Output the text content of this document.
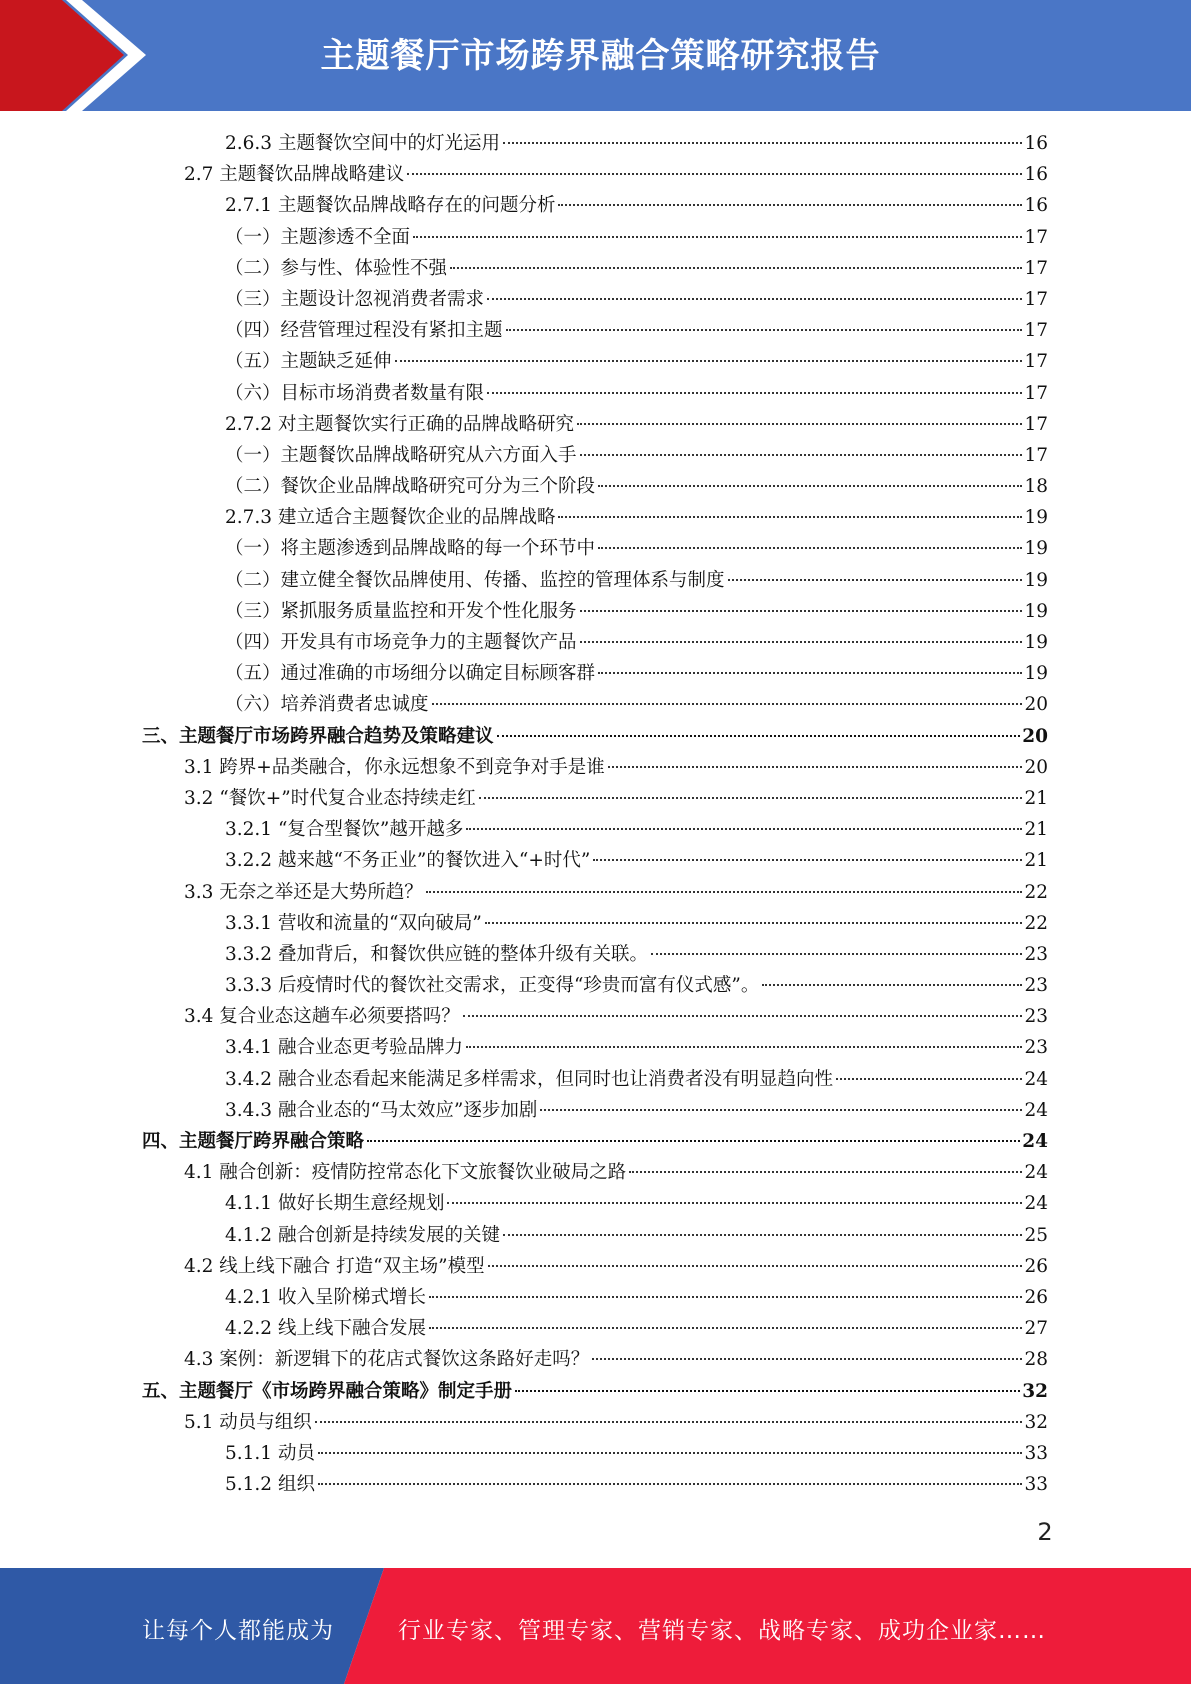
主题餐厅市场跨界融合策略研究报告
2.6.3 主题餐饮空间中的灯光运用	16
2.7 主题餐饮品牌战略建议	16
2.7.1 主题餐饮品牌战略存在的问题分析	16
（一）主题渗透不全面	17
（二）参与性、体验性不强	17
（三）主题设计忽视消费者需求	17
（四）经营管理过程没有紧扣主题	17
（五）主题缺乏延伸	17
（六）目标市场消费者数量有限	17
2.7.2 对主题餐饮实行正确的品牌战略研究	17
（一）主题餐饮品牌战略研究从六方面入手	17
（二）餐饮企业品牌战略研究可分为三个阶段	18
2.7.3 建立适合主题餐饮企业的品牌战略	19
（一）将主题渗透到品牌战略的每一个环节中	19
（二）建立健全餐饮品牌使用、传播、监控的管理体系与制度	19
（三）紧抓服务质量监控和开发个性化服务	19
（四）开发具有市场竞争力的主题餐饮产品	19
（五）通过准确的市场细分以确定目标顾客群	19
（六）培养消费者忠诚度	20
三、主题餐厅市场跨界融合趋势及策略建议	20
3.1 跨界+品类融合，你永远想象不到竞争对手是谁	20
3.2 “餐饮+”时代复合业态持续走红	21
3.2.1 “复合型餐饮”越开越多	21
3.2.2 越来越“不务正业”的餐饮进入“+时代”	21
3.3 无奈之举还是大势所趋？	22
3.3.1 营收和流量的“双向破局”	22
3.3.2 叠加背后，和餐饮供应链的整体升级有关联。	23
3.3.3 后疫情时代的餐饮社交需求，正变得“珍贵而富有仪式感”。	23
3.4 复合业态这趟车必须要搭吗？	23
3.4.1 融合业态更考验品牌力	23
3.4.2 融合业态看起来能满足多样需求，但同时也让消费者没有明显趋向性	24
3.4.3 融合业态的“马太效应”逐步加剧	24
四、主题餐厅跨界融合策略	24
4.1 融合创新：疫情防控常态化下文旅餐饮业破局之路	24
4.1.1 做好长期生意经规划	24
4.1.2 融合创新是持续发展的关键	25
4.2 线上线下融合 打造“双主场”模型	26
4.2.1 收入呈阶梯式增长	26
4.2.2 线上线下融合发展	27
4.3 案例：新逻辑下的花店式餐饮这条路好走吗？	28
五、主题餐厅《市场跨界融合策略》制定手册	32
5.1 动员与组织	32
5.1.1 动员	33
5.1.2 组织	33
2
让每个人都能成为	行业专家、管理专家、营销专家、战略专家、成功企业家……
